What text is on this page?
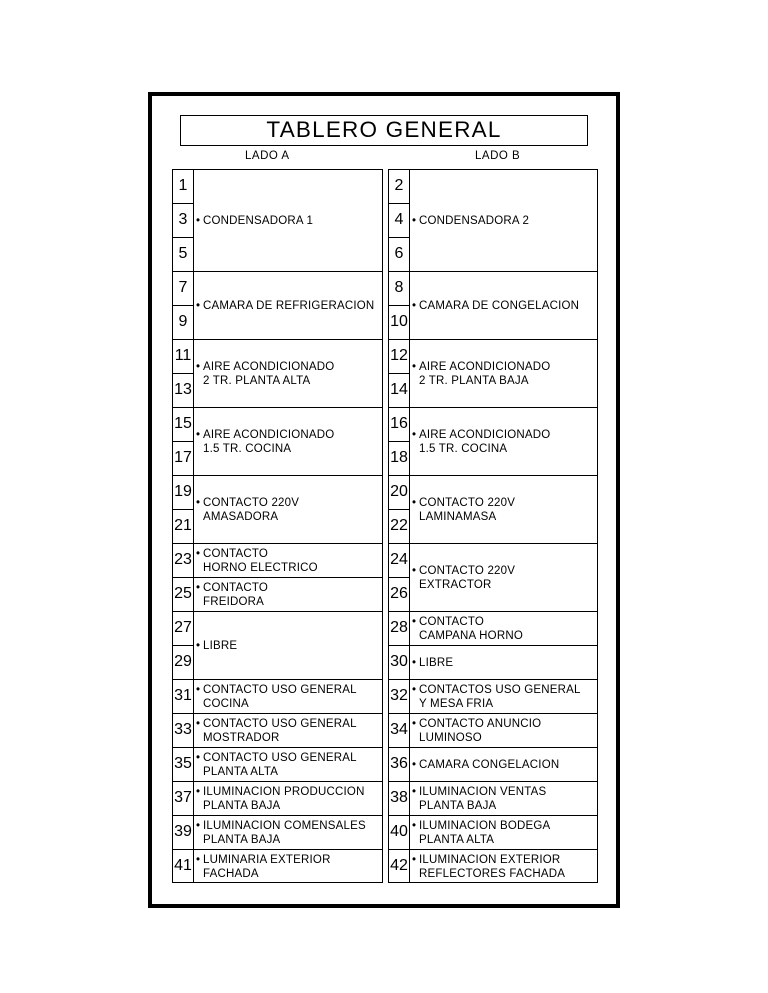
TABLERO GENERAL
LADO A	LADO B
1
3
5
7
9
11
13
15
17
19
21
23
25
27
29
31
33
35
37
39
41
• CONDENSADORA 1
• CAMARA DE REFRIGERACION
• AIRE ACONDICIONADO
2 TR. PLANTA ALTA
• AIRE ACONDICIONADO
1.5 TR. COCINA
• CONTACTO 220V
AMASADORA
• CONTACTO
HORNO ELECTRICO
• CONTACTO
FREIDORA
• LIBRE
• CONTACTO USO GENERAL
COCINA
• CONTACTO USO GENERAL
MOSTRADOR
• CONTACTO USO GENERAL
PLANTA ALTA
• ILUMINACION PRODUCCION
PLANTA BAJA
• ILUMINACION COMENSALES
PLANTA BAJA
• LUMINARIA EXTERIOR
FACHADA
2
4
6
8
10
12
14
16
18
20
22
24
26
28
30
32
34
36
38
40
42
• CONDENSADORA 2
• CAMARA DE CONGELACION
• AIRE ACONDICIONADO
2 TR. PLANTA BAJA
• AIRE ACONDICIONADO
1.5 TR. COCINA
• CONTACTO 220V
LAMINAMASA
• CONTACTO 220V
EXTRACTOR
• CONTACTO
CAMPANA HORNO
• LIBRE
• CONTACTOS USO GENERAL
Y MESA FRIA
• CONTACTO ANUNCIO
LUMINOSO
• CAMARA CONGELACION
• ILUMINACION VENTAS
PLANTA BAJA
• ILUMINACION BODEGA
PLANTA ALTA
• ILUMINACION EXTERIOR
REFLECTORES FACHADA
